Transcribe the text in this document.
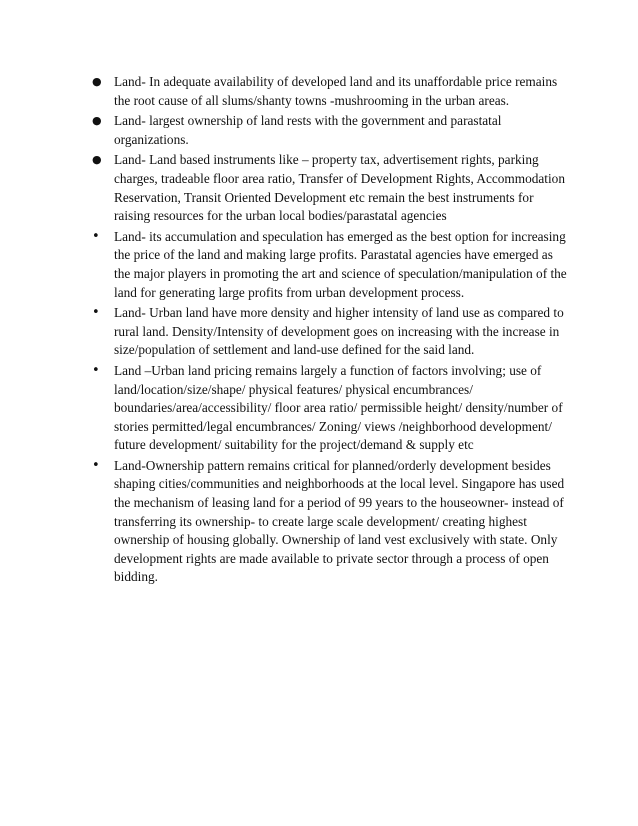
● Land- In adequate availability of developed land and its unaffordable price remains the root cause of all slums/shanty towns -mushrooming in the urban areas.
● Land- largest ownership of land rests with the government and parastatal organizations.
● Land- Land based instruments like – property tax, advertisement rights, parking charges, tradeable floor area ratio, Transfer of Development Rights, Accommodation Reservation, Transit Oriented Development etc remain the best instruments for raising resources for the urban local bodies/parastatal agencies
•	Land- its accumulation and speculation has emerged as the best option for increasing the price of the land and making large profits. Parastatal agencies have emerged as the major players in promoting the art and science of speculation/manipulation of the land for generating large profits from urban development process.
•	Land- Urban land have more density and higher intensity of land use as compared to rural land. Density/Intensity of development goes on increasing with the increase in size/population of settlement and land-use defined for the said land.
•	Land –Urban land pricing remains largely a function of factors involving; use of land/location/size/shape/ physical features/ physical encumbrances/ boundaries/area/accessibility/ floor area ratio/ permissible height/ density/number of stories permitted/legal encumbrances/ Zoning/ views /neighborhood development/ future development/ suitability for the project/demand & supply etc
•	Land-Ownership pattern remains critical for planned/orderly development besides shaping cities/communities and neighborhoods at the local level. Singapore has used the mechanism of leasing land for a period of 99 years to the houseowner- instead of transferring its ownership- to create large scale development/ creating highest ownership of housing globally. Ownership of land vest exclusively with state. Only development rights are made available to private sector through a process of open bidding.
